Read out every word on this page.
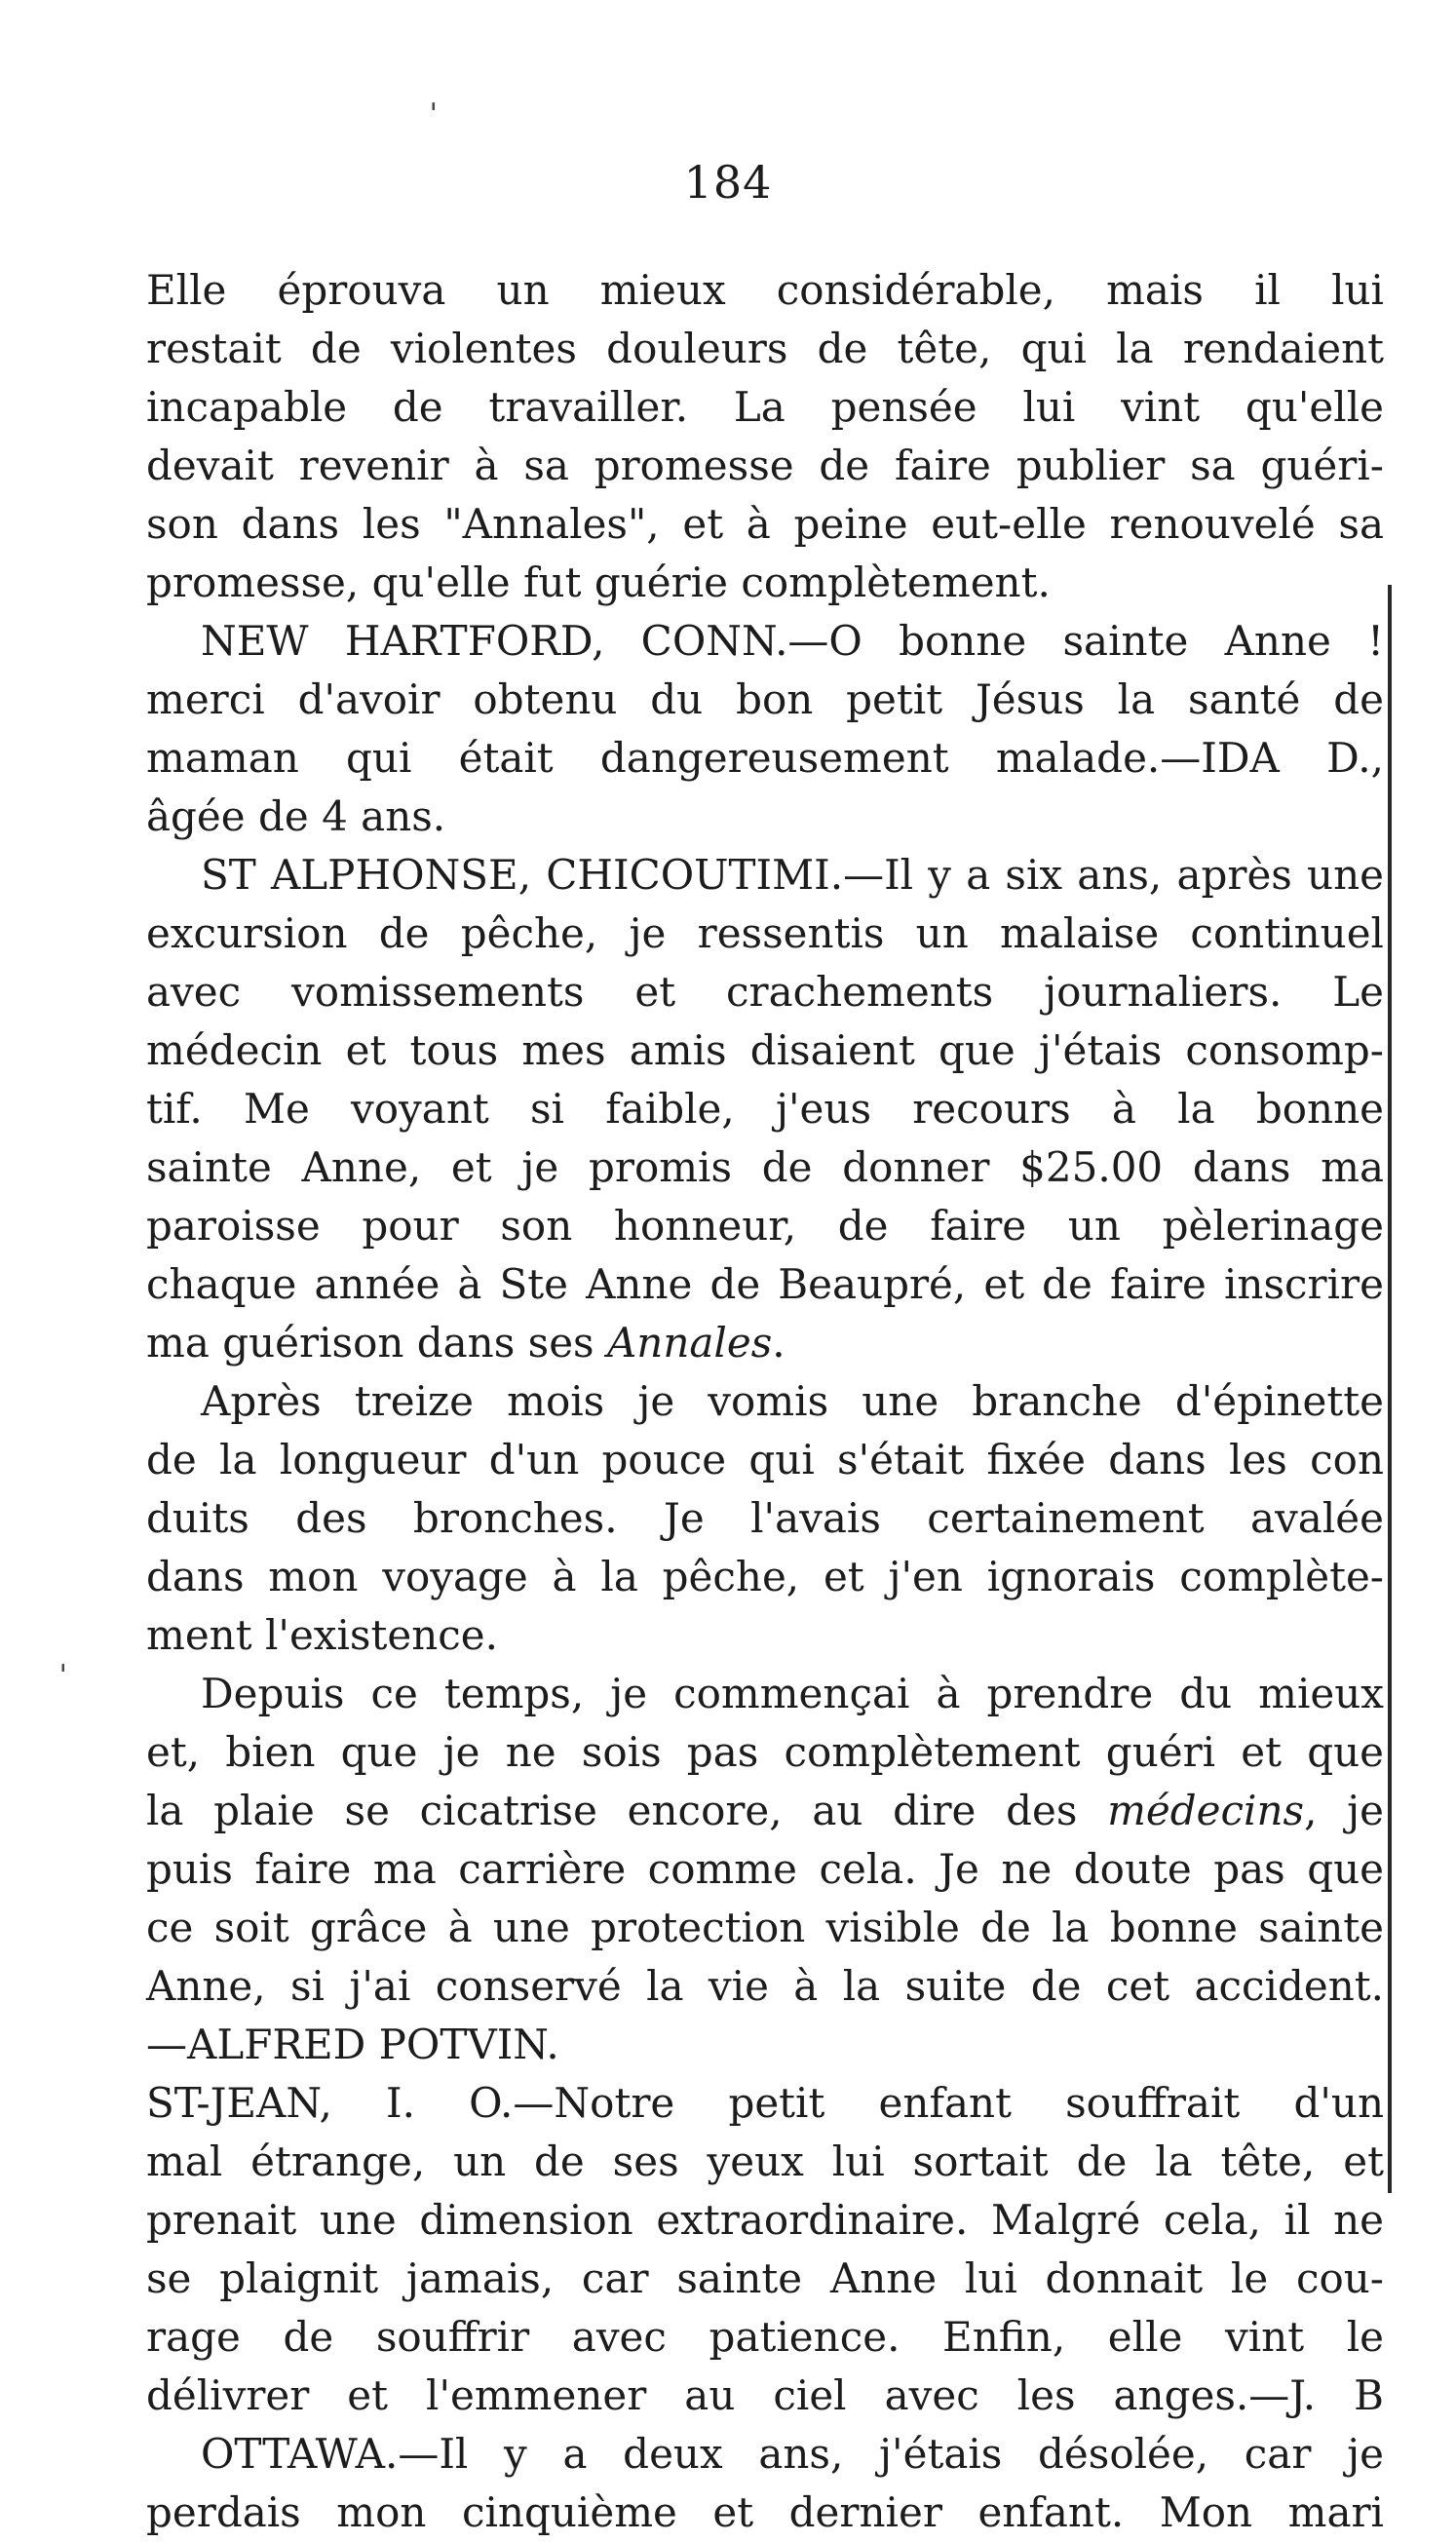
184
Elle éprouva un mieux considérable, mais il lui
restait de violentes douleurs de tête, qui la rendaient
incapable de travailler. La pensée lui vint qu'elle
devait revenir à sa promesse de faire publier sa guéri-
son dans les "Annales", et à peine eut-elle renouvelé sa
promesse, qu'elle fut guérie complètement.
NEW HARTFORD, CONN.—O bonne sainte Anne !
merci d'avoir obtenu du bon petit Jésus la santé de
maman qui était dangereusement malade.—IDA D.,
âgée de 4 ans.
ST ALPHONSE, CHICOUTIMI.—Il y a six ans, après une
excursion de pêche, je ressentis un malaise continuel
avec vomissements et crachements journaliers. Le
médecin et tous mes amis disaient que j'étais consomp-
tif. Me voyant si faible, j'eus recours à la bonne
sainte Anne, et je promis de donner $25.00 dans ma
paroisse pour son honneur, de faire un pèlerinage
chaque année à Ste Anne de Beaupré, et de faire inscrire
ma guérison dans ses Annales.
Après treize mois je vomis une branche d'épinette
de la longueur d'un pouce qui s'était fixée dans les con
duits des bronches. Je l'avais certainement avalée
dans mon voyage à la pêche, et j'en ignorais complète-
ment l'existence.
Depuis ce temps, je commençai à prendre du mieux
et, bien que je ne sois pas complètement guéri et que
la plaie se cicatrise encore, au dire des médecins, je
puis faire ma carrière comme cela. Je ne doute pas que
ce soit grâce à une protection visible de la bonne sainte
Anne, si j'ai conservé la vie à la suite de cet accident.
—ALFRED POTVIN.
ST-JEAN, I. O.—Notre petit enfant souffrait d'un
mal étrange, un de ses yeux lui sortait de la tête, et
prenait une dimension extraordinaire. Malgré cela, il ne
se plaignit jamais, car sainte Anne lui donnait le cou-
rage de souffrir avec patience. Enfin, elle vint le
délivrer et l'emmener au ciel avec les anges.—J. B
OTTAWA.—Il y a deux ans, j'étais désolée, car je
perdais mon cinquième et dernier enfant. Mon mari
ˈ
ˌ
